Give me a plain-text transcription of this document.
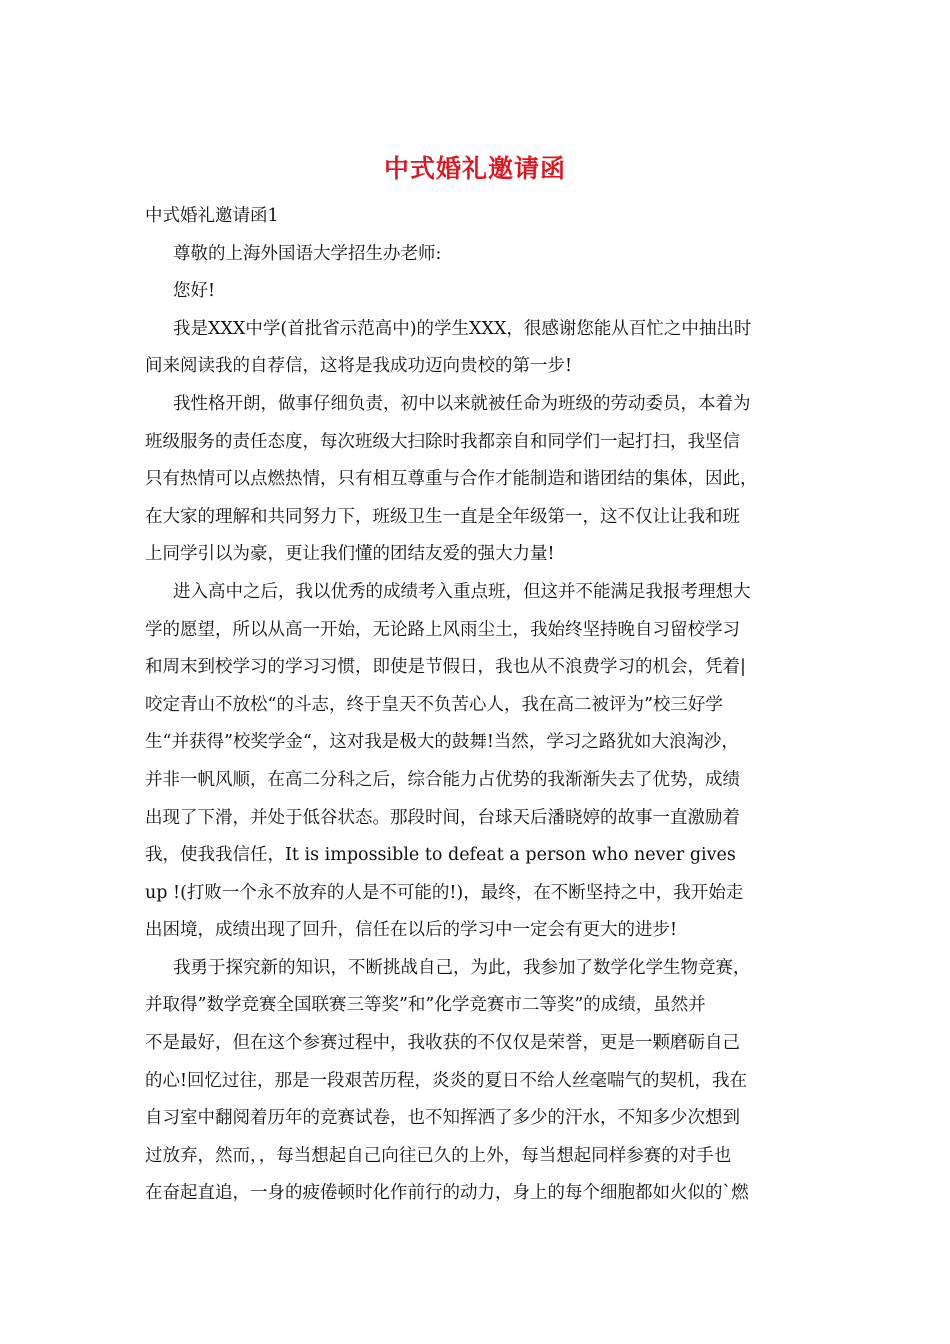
中式婚礼邀请函

中式婚礼邀请函1

尊敬的上海外国语大学招生办老师:
您好!
我是XXX中学(首批省示范高中)的学生XXX，很感谢您能从百忙之中抽出时
间来阅读我的自荐信，这将是我成功迈向贵校的第一步!
我性格开朗，做事仔细负责，初中以来就被任命为班级的劳动委员，本着为
班级服务的责任态度，每次班级大扫除时我都亲自和同学们一起打扫，我坚信
只有热情可以点燃热情，只有相互尊重与合作才能制造和谐团结的集体，因此，
在大家的理解和共同努力下，班级卫生一直是全年级第一，这不仅让让我和班
上同学引以为豪，更让我们懂的团结友爱的强大力量!
进入高中之后，我以优秀的成绩考入重点班，但这并不能满足我报考理想大
学的愿望，所以从高一开始，无论路上风雨尘土，我始终坚持晚自习留校学习
和周末到校学习的学习习惯，即使是节假日，我也从不浪费学习的机会，凭着|
咬定青山不放松“的斗志，终于皇天不负苦心人，我在高二被评为”校三好学
生“并获得”校奖学金“，这对我是极大的鼓舞!当然，学习之路犹如大浪淘沙，
并非一帆风顺，在高二分科之后，综合能力占优势的我渐渐失去了优势，成绩
出现了下滑，并处于低谷状态。那段时间，台球天后潘晓婷的故事一直激励着
我，使我我信任，It is impossible to defeat a person who never gives
up !(打败一个永不放弃的人是不可能的!)，最终，在不断坚持之中，我开始走
出困境，成绩出现了回升，信任在以后的学习中一定会有更大的进步!
我勇于探究新的知识，不断挑战自己，为此，我参加了数学化学生物竞赛，
并取得”数学竞赛全国联赛三等奖”和”化学竞赛市二等奖”的成绩，虽然并
不是最好，但在这个参赛过程中，我收获的不仅仅是荣誉，更是一颗磨砺自己
的心!回忆过往，那是一段艰苦历程，炎炎的夏日不给人丝毫喘气的契机，我在
自习室中翻阅着历年的竞赛试卷，也不知挥洒了多少的汗水，不知多少次想到
过放弃，然而，，每当想起自己向往已久的上外，每当想起同样参赛的对手也
在奋起直追，一身的疲倦顿时化作前行的动力，身上的每个细胞都如火似的`燃
